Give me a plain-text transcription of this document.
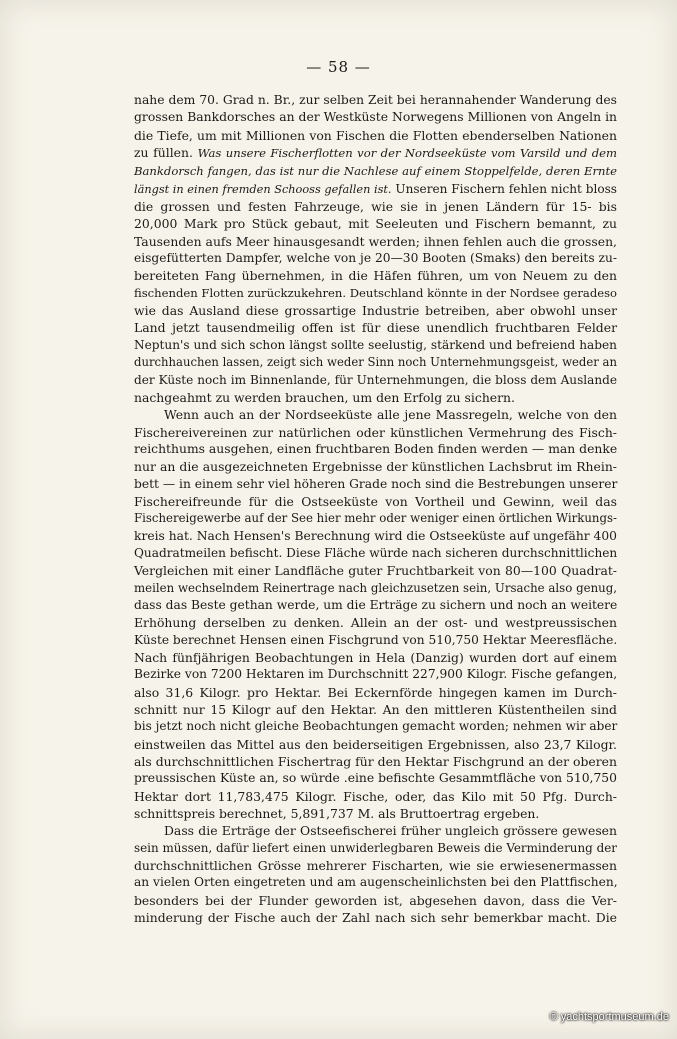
— 58 —
nahe dem 70. Grad n. Br., zur selben Zeit bei herannahender Wanderung des
grossen Bankdorsches an der Westküste Norwegens Millionen von Angeln in
die Tiefe, um mit Millionen von Fischen die Flotten ebenderselben Nationen
zu füllen. Was unsere Fischerflotten vor der Nordseeküste vom Varsild und dem
Bankdorsch fangen, das ist nur die Nachlese auf einem Stoppelfelde, deren Ernte
längst in einen fremden Schooss gefallen ist. Unseren Fischern fehlen nicht bloss
die grossen und festen Fahrzeuge, wie sie in jenen Ländern für 15- bis
20,000 Mark pro Stück gebaut, mit Seeleuten und Fischern bemannt, zu
Tausenden aufs Meer hinausgesandt werden; ihnen fehlen auch die grossen,
eisgefütterten Dampfer, welche von je 20—30 Booten (Smaks) den bereits zu-
bereiteten Fang übernehmen, in die Häfen führen, um von Neuem zu den
fischenden Flotten zurückzukehren. Deutschland könnte in der Nordsee geradeso
wie das Ausland diese grossartige Industrie betreiben, aber obwohl unser
Land jetzt tausendmeilig offen ist für diese unendlich fruchtbaren Felder
Neptun's und sich schon längst sollte seelustig, stärkend und befreiend haben
durchhauchen lassen, zeigt sich weder Sinn noch Unternehmungsgeist, weder an
der Küste noch im Binnenlande, für Unternehmungen, die bloss dem Auslande
nachgeahmt zu werden brauchen, um den Erfolg zu sichern.
Wenn auch an der Nordseeküste alle jene Massregeln, welche von den
Fischereivereinen zur natürlichen oder künstlichen Vermehrung des Fisch-
reichthums ausgehen, einen fruchtbaren Boden finden werden — man denke
nur an die ausgezeichneten Ergebnisse der künstlichen Lachsbrut im Rhein-
bett — in einem sehr viel höheren Grade noch sind die Bestrebungen unserer
Fischereifreunde für die Ostseeküste von Vortheil und Gewinn, weil das
Fischereigewerbe auf der See hier mehr oder weniger einen örtlichen Wirkungs-
kreis hat. Nach Hensen's Berechnung wird die Ostseeküste auf ungefähr 400
Quadratmeilen befischt. Diese Fläche würde nach sicheren durchschnittlichen
Vergleichen mit einer Landfläche guter Fruchtbarkeit von 80—100 Quadrat-
meilen wechselndem Reinertrage nach gleichzusetzen sein, Ursache also genug,
dass das Beste gethan werde, um die Erträge zu sichern und noch an weitere
Erhöhung derselben zu denken. Allein an der ost- und westpreussischen
Küste berechnet Hensen einen Fischgrund von 510,750 Hektar Meeresfläche.
Nach fünfjährigen Beobachtungen in Hela (Danzig) wurden dort auf einem
Bezirke von 7200 Hektaren im Durchschnitt 227,900 Kilogr. Fische gefangen,
also 31,6 Kilogr. pro Hektar. Bei Eckernförde hingegen kamen im Durch-
schnitt nur 15 Kilogr auf den Hektar. An den mittleren Küstentheilen sind
bis jetzt noch nicht gleiche Beobachtungen gemacht worden; nehmen wir aber
einstweilen das Mittel aus den beiderseitigen Ergebnissen, also 23,7 Kilogr.
als durchschnittlichen Fischertrag für den Hektar Fischgrund an der oberen
preussischen Küste an, so würde .eine befischte Gesammtfläche von 510,750
Hektar dort 11,783,475 Kilogr. Fische, oder, das Kilo mit 50 Pfg. Durch-
schnittspreis berechnet, 5,891,737 M. als Bruttoertrag ergeben.
Dass die Erträge der Ostseefischerei früher ungleich grössere gewesen
sein müssen, dafür liefert einen unwiderlegbaren Beweis die Verminderung der
durchschnittlichen Grösse mehrerer Fischarten, wie sie erwiesenermassen
an vielen Orten eingetreten und am augenscheinlichsten bei den Plattfischen,
besonders bei der Flunder geworden ist, abgesehen davon, dass die Ver-
minderung der Fische auch der Zahl nach sich sehr bemerkbar macht. Die
© yachtsportmuseum.de
